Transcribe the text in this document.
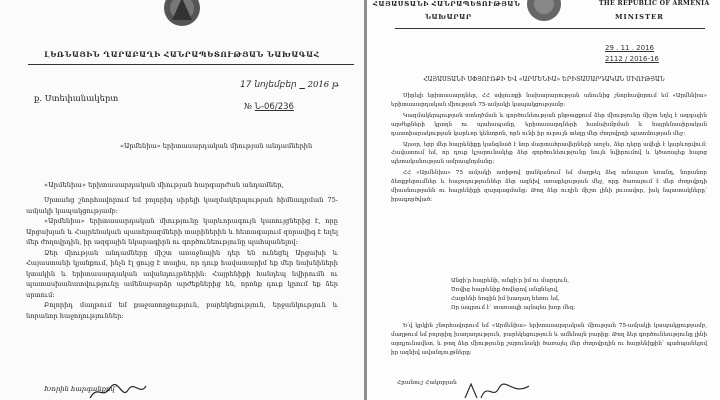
ԼԵՌՆԱՅԻՆ ՂԱՐԱԲԱՂԻ ՀԱՆՐԱՊԵՏՈՒԹՅԱՆ ՆԱԽԱԳԱՀ
17 նոյեմբեր 2016 թ
ք. Ստեփանակերտ
№ Ն-06/236
«Արմենիա» երիտասարդական միության անդամներին
«Արմենիա» երիտասարդական միության հարգարժան անդամներ,

Սրտանց շնորհավորում եմ բոլորիդ սիրելի կազմակերպության հիմնադրման 75-ամյակի կապակցությամբ:

«Արմենիա» երիտասարդական միությունը կարևորագույն կառույցներից է, որը Արցախյան և Հայրենական պատերազմների տարիներին և հետագայում զորավիգ է եղել մեր ժողովրդին, իր ազգային նկարագիրն ու գործունեությունը պահպանելով:

Ձեր միության անդամները միշտ առաջնային դեր են ունեցել Արցախի և Հայաստանի կյանքում, ինչն էլ ցույց է տալիս, որ դուք հավատարիմ եք մեր նախնիների կտակին և երիտասարդական ավանդույթներին: Հայրենիքի հանդեպ նվիրումն ու պատասխանատվությունը ամենաբարձր արժեքներից են, որոնք դուք կրում եք ձեր սրտում:

Բոլորիդ մաղթում եմ քաջառողջություն, բարեկեցություն, երջանկություն և նորանոր հաջողություններ:

Խորին հարգանքով՝
ՀԱՅԱՍՏԱՆԻ ՀԱՆՐԱՊԵՏՈՒԹՅԱՆ
ՆԱԽԱՐԱՐ
THE REPUBLIC OF ARMENIA
MINISTER
29 . 11 . 2016
2112 / 2016-16
ՀԱՅԱՍՏԱՆԻ ՍՓՅՈՒՌՔԻ ԵՎ «ԱՐՄԵՆԻԱ» ԵՐԻՏԱՍԱՐԴԱԿԱՆ ՄԻՈՒԹՅԱՆ

Սիրելի երիտասարդներ, ՀՀ սփյուռքի նախարարության անունից շնորհավորում եմ «Արմենիա» երիտասարդական միության 75-ամյակի կապակցությամբ:

Կազմակերպության ստեղծման և գործունեության ընթացքում ձեր միությունը միշտ եղել է ազգային արժեքների կրողն ու պահապանը, երիտասարդների համախմբման և հայրենասիրական դաստիարակության կարևոր կենտրոն, որն ունի իր ուրույն տեղը մեր ժողովրդի պատմության մեջ:

Այսօր, երբ մեր հայրենիքը կանգնած է նոր մարտահրավերների առջև, ձեր դերը ավելի է կարևորվում: Հավատում եմ, որ դուք կշարունակեք ձեր գործունեությունը նույն նվիրումով և կծառայեք հայոց պետականության ամրապնդմանը:

ՀՀ «Արմենիա» 75 ամյակի առիթով ցանկանում եմ մաղթել ձեզ անսպառ եռանդ, նորանոր ձեռքբերումներ և հաջողություններ ձեր ազնիվ առաքելության մեջ, որը ծառայում է մեր ժողովրդի միասնությանն ու հայրենիքի զարգացմանը: Թող ձեր ուղին միշտ լինի լուսավոր, իսկ նպատակները՝ իրագործված:

Անցի՛ր հայրենի, անցի՛ր իմ ու մարդուն,
Ծովից հայրենիք ծովերով անցնելով,
Հայրենի հոգին իմ խաղաղ հեռու եմ,
Որ ապրում է՝ տառապի այնպես խոր մեզ:

Ե՛վ կրկին շնորհավորում եմ «Արմենիա» երիտասարդական միության 75-ամյակի կապակցությամբ, մաղթում եմ բոլորիդ խաղաղություն, բարեկեցություն և ամենայն բարիք: Թող ձեր գործունեությունը լինի արդյունավետ, և թող ձեր միությունը շարունակի ծառայել մեր ժողովրդին ու հայրենիքին՝ պահպանելով իր ազնիվ ավանդույթները:

Հրանուշ Հակոբյան
